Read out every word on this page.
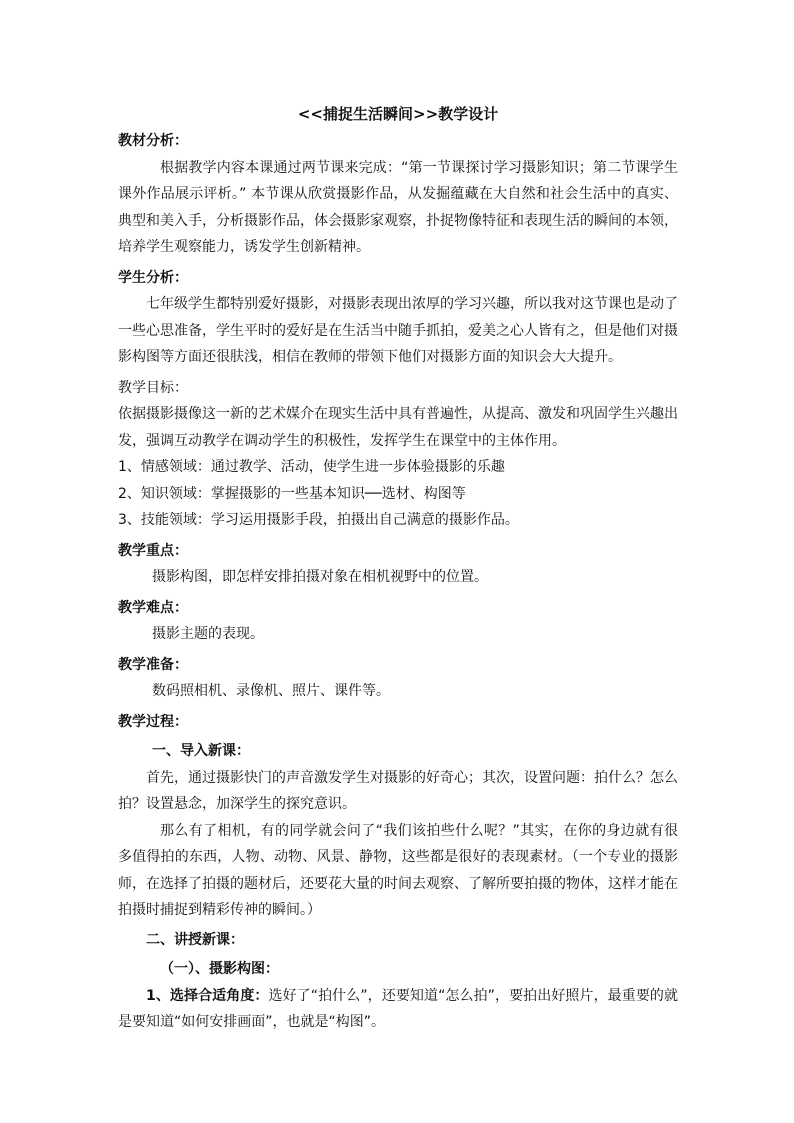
<<捕捉生活瞬间>>教学设计
教材分析：

根据教学内容本课通过两节课来完成：“第一节课探讨学习摄影知识；第二节课学生课外作品展示评析。” 本节课从欣赏摄影作品，从发掘蕴藏在大自然和社会生活中的真实、典型和美入手，分析摄影作品，体会摄影家观察，扑捉物像特征和表现生活的瞬间的本领，培养学生观察能力，诱发学生创新精神。

学生分析：

七年级学生都特别爱好摄影，对摄影表现出浓厚的学习兴趣，所以我对这节课也是动了一些心思准备，学生平时的爱好是在生活当中随手抓拍，爱美之心人皆有之，但是他们对摄影构图等方面还很肤浅，相信在教师的带领下他们对摄影方面的知识会大大提升。

教学目标：

依据摄影摄像这一新的艺术媒介在现实生活中具有普遍性，从提高、激发和巩固学生兴趣出发，强调互动教学在调动学生的积极性，发挥学生在课堂中的主体作用。

1、情感领域：通过教学、活动，使学生进一步体验摄影的乐趣

2、知识领域：掌握摄影的一些基本知识──选材、构图等

3、技能领域：学习运用摄影手段，拍摄出自己满意的摄影作品。

教学重点：

摄影构图，即怎样安排拍摄对象在相机视野中的位置。

教学难点：

摄影主题的表现。

教学准备：

数码照相机、录像机、照片、课件等。

教学过程：
一、导入新课：

首先，通过摄影快门的声音激发学生对摄影的好奇心；其次，设置问题：拍什么？怎么拍？设置悬念，加深学生的探究意识。

那么有了相机，有的同学就会问了“我们该拍些什么呢？”其实，在你的身边就有很多值得拍的东西，人物、动物、风景、静物，这些都是很好的表现素材。（一个专业的摄影师，在选择了拍摄的题材后，还要花大量的时间去观察、了解所要拍摄的物体，这样才能在拍摄时捕捉到精彩传神的瞬间。）

二、讲授新课：
（一）、摄影构图：

1、选择合适角度：选好了“拍什么”，还要知道“怎么拍”，要拍出好照片，最重要的就是要知道“如何安排画面”，也就是“构图”。
